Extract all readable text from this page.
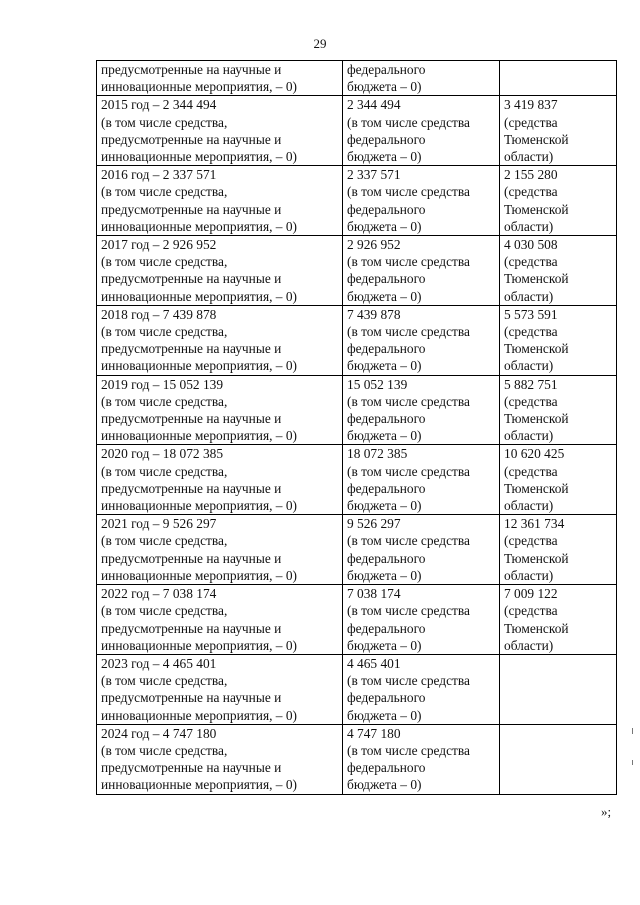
29
предусмотренные на научные и
инновационные мероприятия, – 0)	федерального
бюджета – 0)	

2015 год – 2 344 494
(в том числе средства,
предусмотренные на научные и
инновационные мероприятия, – 0)	2 344 494
(в том числе средства
федерального
бюджета – 0)	3 419 837
(средства
Тюменской
области)

2016 год – 2 337 571
(в том числе средства,
предусмотренные на научные и
инновационные мероприятия, – 0)	2 337 571
(в том числе средства
федерального
бюджета – 0)	2 155 280
(средства
Тюменской
области)

2017 год – 2 926 952
(в том числе средства,
предусмотренные на научные и
инновационные мероприятия, – 0)	2 926 952
(в том числе средства
федерального
бюджета – 0)	4 030 508
(средства
Тюменской
области)

2018 год – 7 439 878
(в том числе средства,
предусмотренные на научные и
инновационные мероприятия, – 0)	7 439 878
(в том числе средства
федерального
бюджета – 0)	5 573 591
(средства
Тюменской
области)

2019 год – 15 052 139
(в том числе средства,
предусмотренные на научные и
инновационные мероприятия, – 0)	15 052 139
(в том числе средства
федерального
бюджета – 0)	5 882 751
(средства
Тюменской
области)

2020 год – 18 072 385
(в том числе средства,
предусмотренные на научные и
инновационные мероприятия, – 0)	18 072 385
(в том числе средства
федерального
бюджета – 0)	10 620 425
(средства
Тюменской
области)

2021 год – 9 526 297
(в том числе средства,
предусмотренные на научные и
инновационные мероприятия, – 0)	9 526 297
(в том числе средства
федерального
бюджета – 0)	12 361 734
(средства
Тюменской
области)

2022 год – 7 038 174
(в том числе средства,
предусмотренные на научные и
инновационные мероприятия, – 0)	7 038 174
(в том числе средства
федерального
бюджета – 0)	7 009 122
(средства
Тюменской
области)

2023 год – 4 465 401
(в том числе средства,
предусмотренные на научные и
инновационные мероприятия, – 0)	4 465 401
(в том числе средства
федерального
бюджета – 0)	

2024 год – 4 747 180
(в том числе средства,
предусмотренные на научные и
инновационные мероприятия, – 0)	4 747 180
(в том числе средства
федерального
бюджета – 0)	

»;
